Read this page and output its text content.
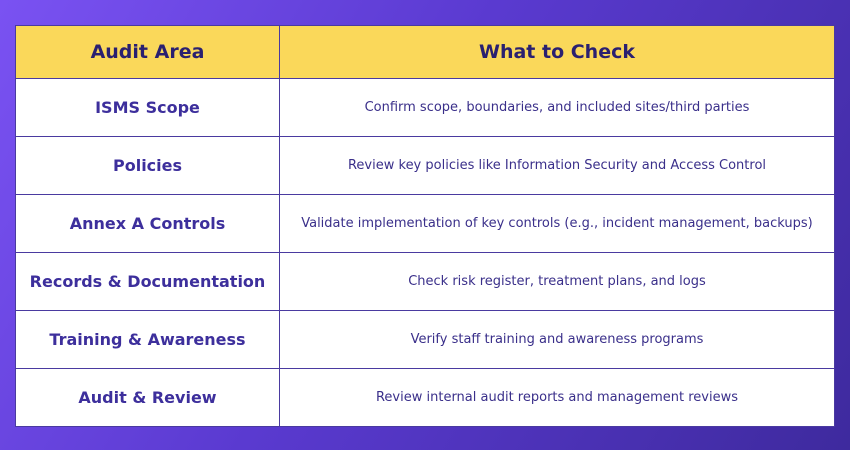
Audit Area	What to Check
ISMS Scope	Confirm scope, boundaries, and included sites/third parties
Policies	Review key policies like Information Security and Access Control
Annex A Controls	Validate implementation of key controls (e.g., incident management, backups)
Records & Documentation	Check risk register, treatment plans, and logs
Training & Awareness	Verify staff training and awareness programs
Audit & Review	Review internal audit reports and management reviews
